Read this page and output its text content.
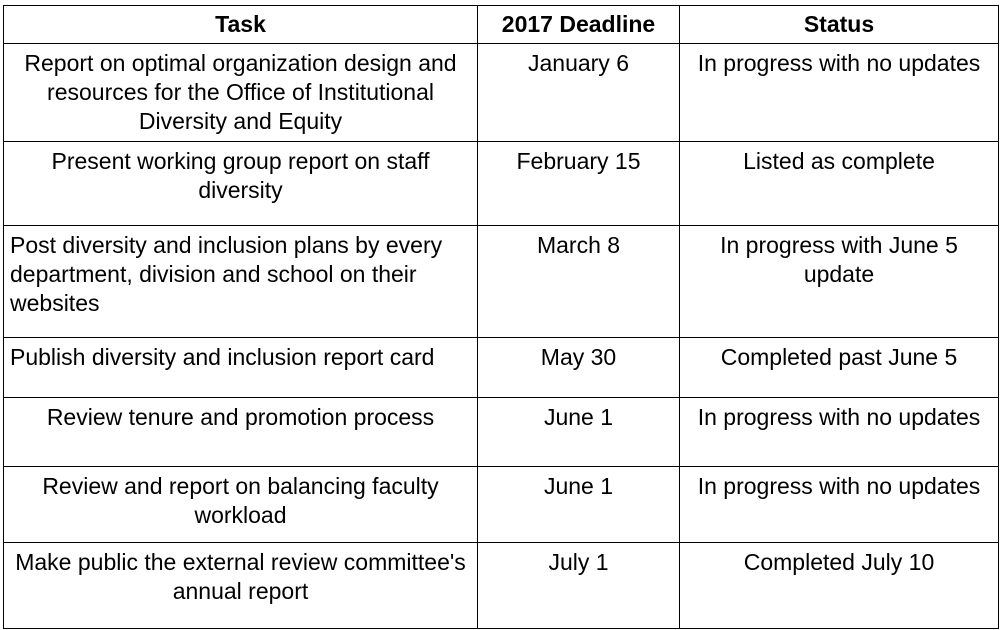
Task	2017 Deadline	Status
Report on optimal organization design and resources for the Office of Institutional Diversity and Equity	January 6	In progress with no updates
Present working group report on staff diversity	February 15	Listed as complete
Post diversity and inclusion plans by every department, division and school on their websites	March 8	In progress with June 5 update
Publish diversity and inclusion report card	May 30	Completed past June 5
Review tenure and promotion process	June 1	In progress with no updates
Review and report on balancing faculty workload	June 1	In progress with no updates
Make public the external review committee's annual report	July 1	Completed July 10
